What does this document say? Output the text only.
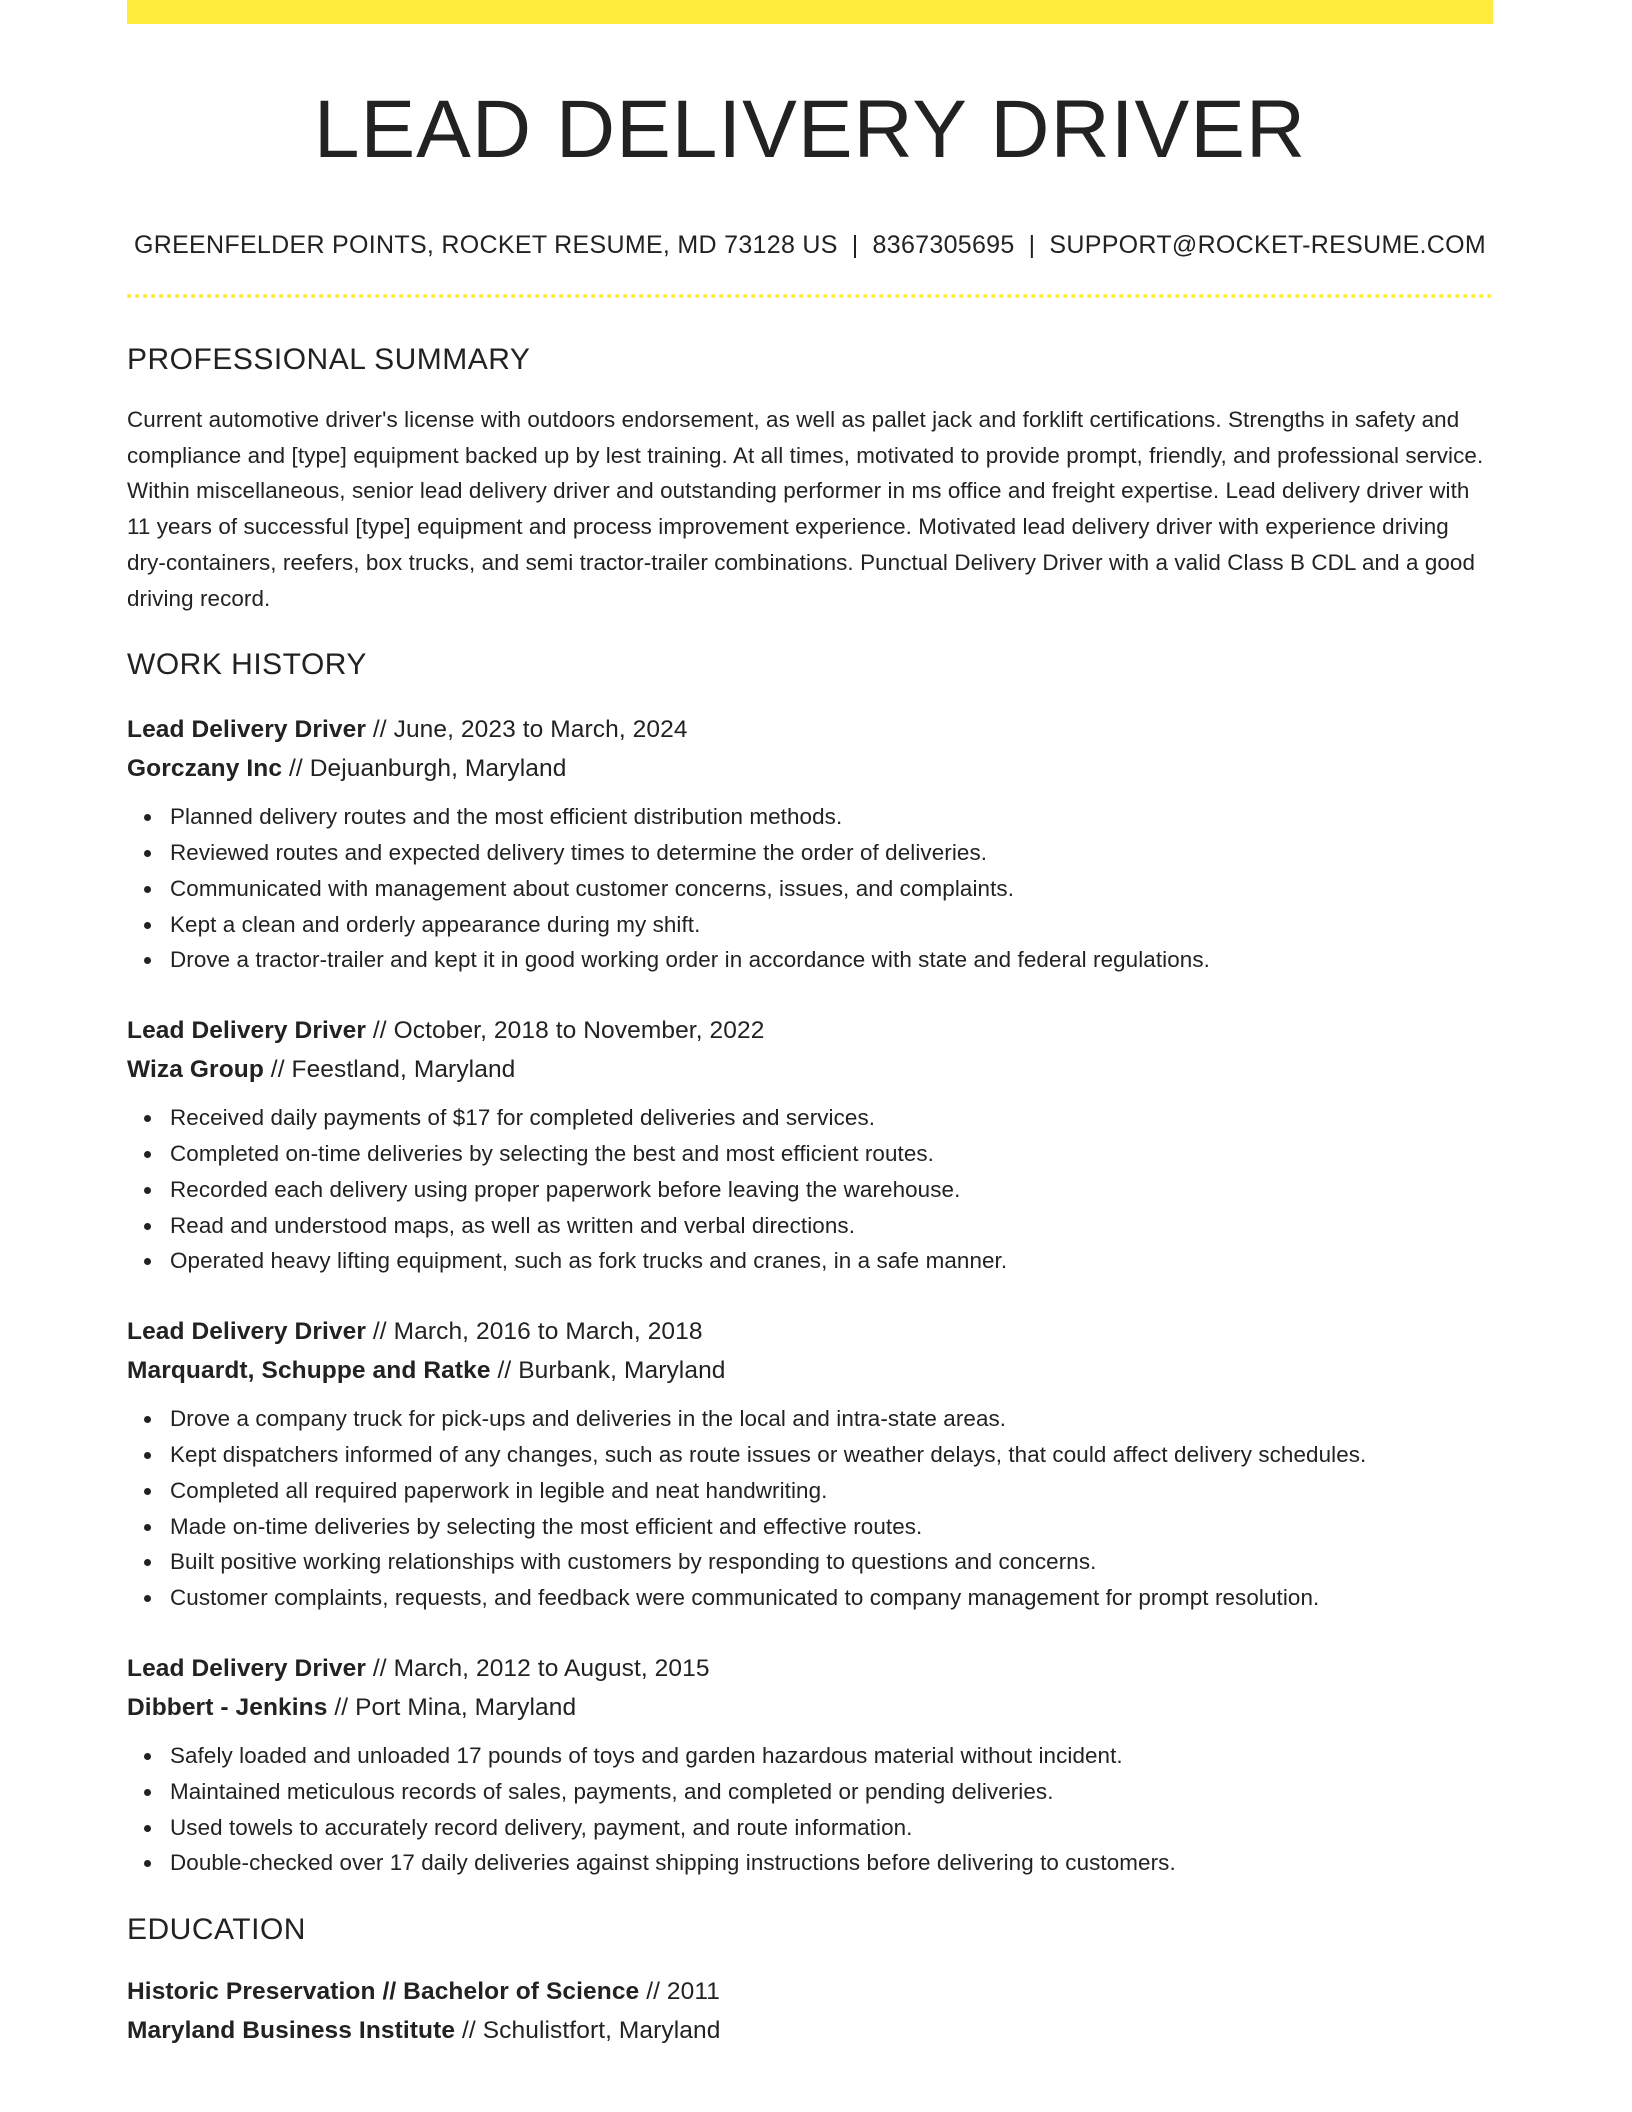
LEAD DELIVERY DRIVER
GREENFELDER POINTS, ROCKET RESUME, MD 73128 US | 8367305695 | SUPPORT@ROCKET-RESUME.COM
PROFESSIONAL SUMMARY
Current automotive driver's license with outdoors endorsement, as well as pallet jack and forklift certifications. Strengths in safety and compliance and [type] equipment backed up by lest training. At all times, motivated to provide prompt, friendly, and professional service. Within miscellaneous, senior lead delivery driver and outstanding performer in ms office and freight expertise. Lead delivery driver with 11 years of successful [type] equipment and process improvement experience. Motivated lead delivery driver with experience driving dry-containers, reefers, box trucks, and semi tractor-trailer combinations. Punctual Delivery Driver with a valid Class B CDL and a good driving record.
WORK HISTORY
Lead Delivery Driver // June, 2023 to March, 2024
Gorczany Inc // Dejuanburgh, Maryland
Planned delivery routes and the most efficient distribution methods.
Reviewed routes and expected delivery times to determine the order of deliveries.
Communicated with management about customer concerns, issues, and complaints.
Kept a clean and orderly appearance during my shift.
Drove a tractor-trailer and kept it in good working order in accordance with state and federal regulations.
Lead Delivery Driver // October, 2018 to November, 2022
Wiza Group // Feestland, Maryland
Received daily payments of $17 for completed deliveries and services.
Completed on-time deliveries by selecting the best and most efficient routes.
Recorded each delivery using proper paperwork before leaving the warehouse.
Read and understood maps, as well as written and verbal directions.
Operated heavy lifting equipment, such as fork trucks and cranes, in a safe manner.
Lead Delivery Driver // March, 2016 to March, 2018
Marquardt, Schuppe and Ratke // Burbank, Maryland
Drove a company truck for pick-ups and deliveries in the local and intra-state areas.
Kept dispatchers informed of any changes, such as route issues or weather delays, that could affect delivery schedules.
Completed all required paperwork in legible and neat handwriting.
Made on-time deliveries by selecting the most efficient and effective routes.
Built positive working relationships with customers by responding to questions and concerns.
Customer complaints, requests, and feedback were communicated to company management for prompt resolution.
Lead Delivery Driver // March, 2012 to August, 2015
Dibbert - Jenkins // Port Mina, Maryland
Safely loaded and unloaded 17 pounds of toys and garden hazardous material without incident.
Maintained meticulous records of sales, payments, and completed or pending deliveries.
Used towels to accurately record delivery, payment, and route information.
Double-checked over 17 daily deliveries against shipping instructions before delivering to customers.
EDUCATION
Historic Preservation // Bachelor of Science // 2011
Maryland Business Institute // Schulistfort, Maryland
